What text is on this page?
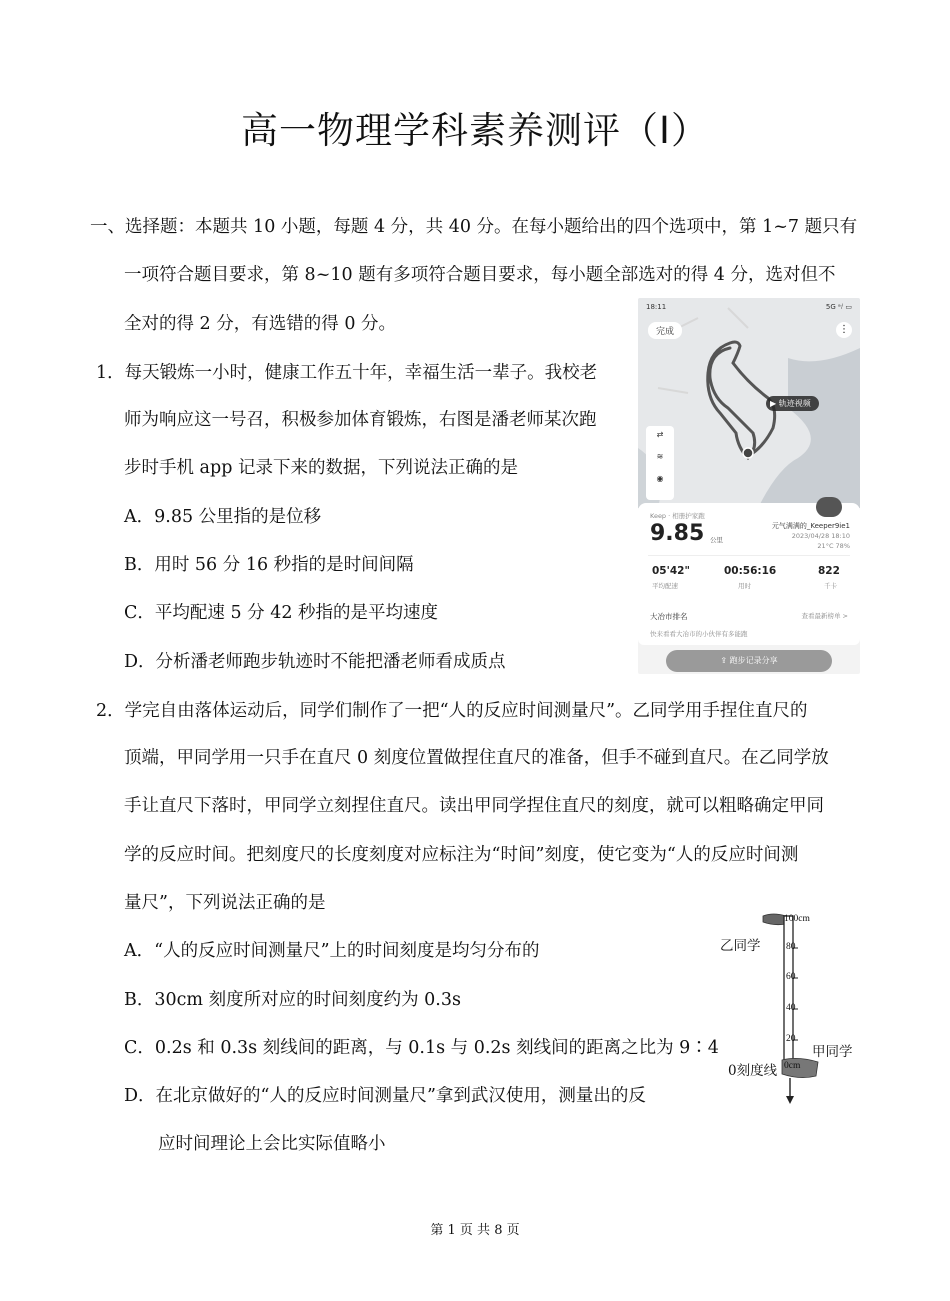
高一物理学科素养测评（Ⅰ）
一、选择题：本题共 10 小题，每题 4 分，共 40 分。在每小题给出的四个选项中，第 1~7 题只有
一项符合题目要求，第 8~10 题有多项符合题目要求，每小题全部选对的得 4 分，选对但不
全对的得 2 分，有选错的得 0 分。
1．每天锻炼一小时，健康工作五十年，幸福生活一辈子。我校老
师为响应这一号召，积极参加体育锻炼，右图是潘老师某次跑
步时手机 app 记录下来的数据，下列说法正确的是
A．9.85 公里指的是位移
B．用时 56 分 16 秒指的是时间间隔
C．平均配速 5 分 42 秒指的是平均速度
D．分析潘老师跑步轨迹时不能把潘老师看成质点
18:11	5G ᵃᵢˡ ▭
完成	⋮
▶ 轨迹视频
⇄
≋
◉
Keep · 相册护家跑
9.85 公里
元气满满的_Keeper9ie1
2023/04/28 18:10
21°C 78%
05'42"
平均配速
00:56:16
用时
822
千卡
大冶市排名	查看最新榜单 >
快来看看大冶市的小伙伴有多能跑
⇪ 跑步记录分享
2．学完自由落体运动后，同学们制作了一把“人的反应时间测量尺”。乙同学用手捏住直尺的
顶端，甲同学用一只手在直尺 0 刻度位置做捏住直尺的准备，但手不碰到直尺。在乙同学放
手让直尺下落时，甲同学立刻捏住直尺。读出甲同学捏住直尺的刻度，就可以粗略确定甲同
学的反应时间。把刻度尺的长度刻度对应标注为“时间”刻度，使它变为“人的反应时间测
量尺”，下列说法正确的是
A．“人的反应时间测量尺”上的时间刻度是均匀分布的
B．30cm 刻度所对应的时间刻度约为 0.3s
C．0.2s 和 0.3s 刻线间的距离，与 0.1s 与 0.2s 刻线间的距离之比为 9∶4
D．在北京做好的“人的反应时间测量尺”拿到武汉使用，测量出的反
应时间理论上会比实际值略小
100cm
80
60
40
20
0cm
乙同学
甲同学
0刻度线
第 1 页 共 8 页
